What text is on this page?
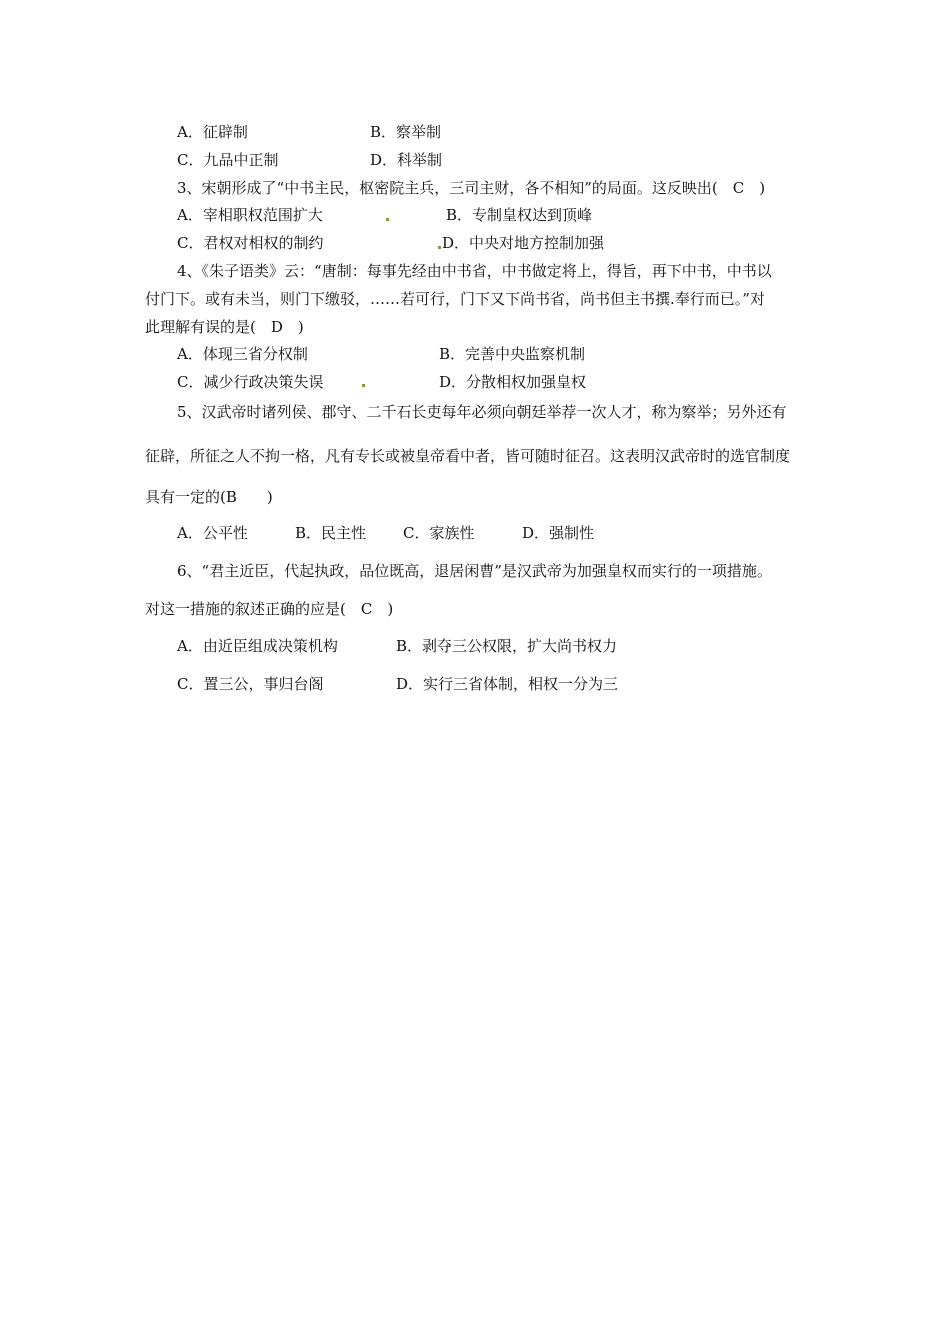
A．征辟制	B．察举制
C．九品中正制	D．科举制
3、宋朝形成了“中书主民，枢密院主兵，三司主财，各不相知”的局面。这反映出(　C　)
A．宰相职权范围扩大	B．专制皇权达到顶峰
C．君权对相权的制约	D．中央对地方控制加强
4、《朱子语类》云：“唐制：每事先经由中书省，中书做定将上，得旨，再下中书，中书以
付门下。或有未当，则门下缴驳，……若可行，门下又下尚书省，尚书但主书撰.奉行而已。”对
此理解有误的是(　D　)
A．体现三省分权制	B．完善中央监察机制
C．减少行政决策失误	D．分散相权加强皇权
5、汉武帝时诸列侯、郡守、二千石长吏每年必须向朝廷举荐一次人才，称为察举；另外还有
征辟，所征之人不拘一格，凡有专长或被皇帝看中者，皆可随时征召。这表明汉武帝时的选官制度
具有一定的(B　　)
A．公平性	B．民主性 C．家族性	D．强制性
6、“君主近臣，代起执政，品位既高，退居闲曹”是汉武帝为加强皇权而实行的一项措施。
对这一措施的叙述正确的应是(　C　)
A．由近臣组成决策机构	B．剥夺三公权限，扩大尚书权力
C．置三公，事归台阁	D．实行三省体制，相权一分为三
